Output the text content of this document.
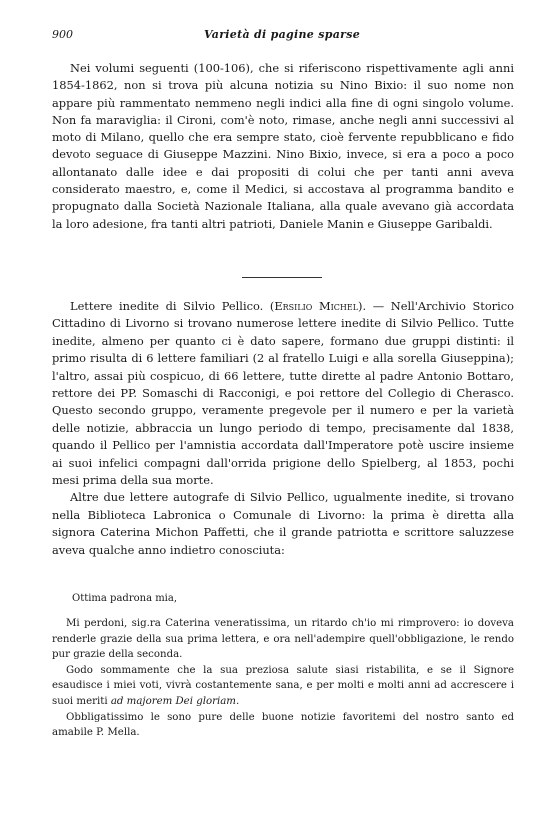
900	Varietà di pagine sparse

Nei volumi seguenti (100-106), che si riferiscono rispettivamente agli anni 1854-1862, non si trova più alcuna notizia su Nino Bixio: il suo nome non appare più rammentato nemmeno negli indici alla fine di ogni singolo volume. Non fa maraviglia: il Cironi, com'è noto, rimase, anche negli anni successivi al moto di Milano, quello che era sempre stato, cioè fervente repubblicano e fido devoto seguace di Giuseppe Mazzini. Nino Bixio, invece, si era a poco a poco allontanato dalle idee e dai propositi di colui che per tanti anni aveva considerato maestro, e, come il Medici, si accostava al programma bandito e propugnato dalla Società Nazionale Italiana, alla quale avevano già accordata la loro adesione, fra tanti altri patrioti, Daniele Manin e Giuseppe Garibaldi.

Lettere inedite di Silvio Pellico. (Ersilio Michel). — Nell'Archivio Storico Cittadino di Livorno si trovano numerose lettere inedite di Silvio Pellico. Tutte inedite, almeno per quanto ci è dato sapere, formano due gruppi distinti: il primo risulta di 6 lettere familiari (2 al fratello Luigi e alla sorella Giuseppina); l'altro, assai più cospicuo, di 66 lettere, tutte dirette al padre Antonio Bottaro, rettore dei PP. Somaschi di Racconigi, e poi rettore del Collegio di Cherasco. Questo secondo gruppo, veramente pregevole per il numero e per la varietà delle notizie, abbraccia un lungo periodo di tempo, precisamente dal 1838, quando il Pellico per l'amnistia accordata dall'Imperatore potè uscire insieme ai suoi infelici compagni dall'orrida prigione dello Spielberg, al 1853, pochi mesi prima della sua morte.

Altre due lettere autografe di Silvio Pellico, ugualmente inedite, si trovano nella Biblioteca Labronica o Comunale di Livorno: la prima è diretta alla signora Caterina Michon Paffetti, che il grande patriotta e scrittore saluzzese aveva qualche anno indietro conosciuta:

Ottima padrona mia,

Mi perdoni, sig.ra Caterina veneratissima, un ritardo ch'io mi rimprovero: io doveva renderle grazie della sua prima lettera, e ora nell'adempire quell'obbligazione, le rendo pur grazie della seconda.

Godo sommamente che la sua preziosa salute siasi ristabilita, e se il Signore esaudisce i miei voti, vivrà costantemente sana, e per molti e molti anni ad accrescere i suoi meriti ad majorem Dei gloriam.

Obbligatissimo le sono pure delle buone notizie favoritemi del nostro santo ed amabile P. Mella.
